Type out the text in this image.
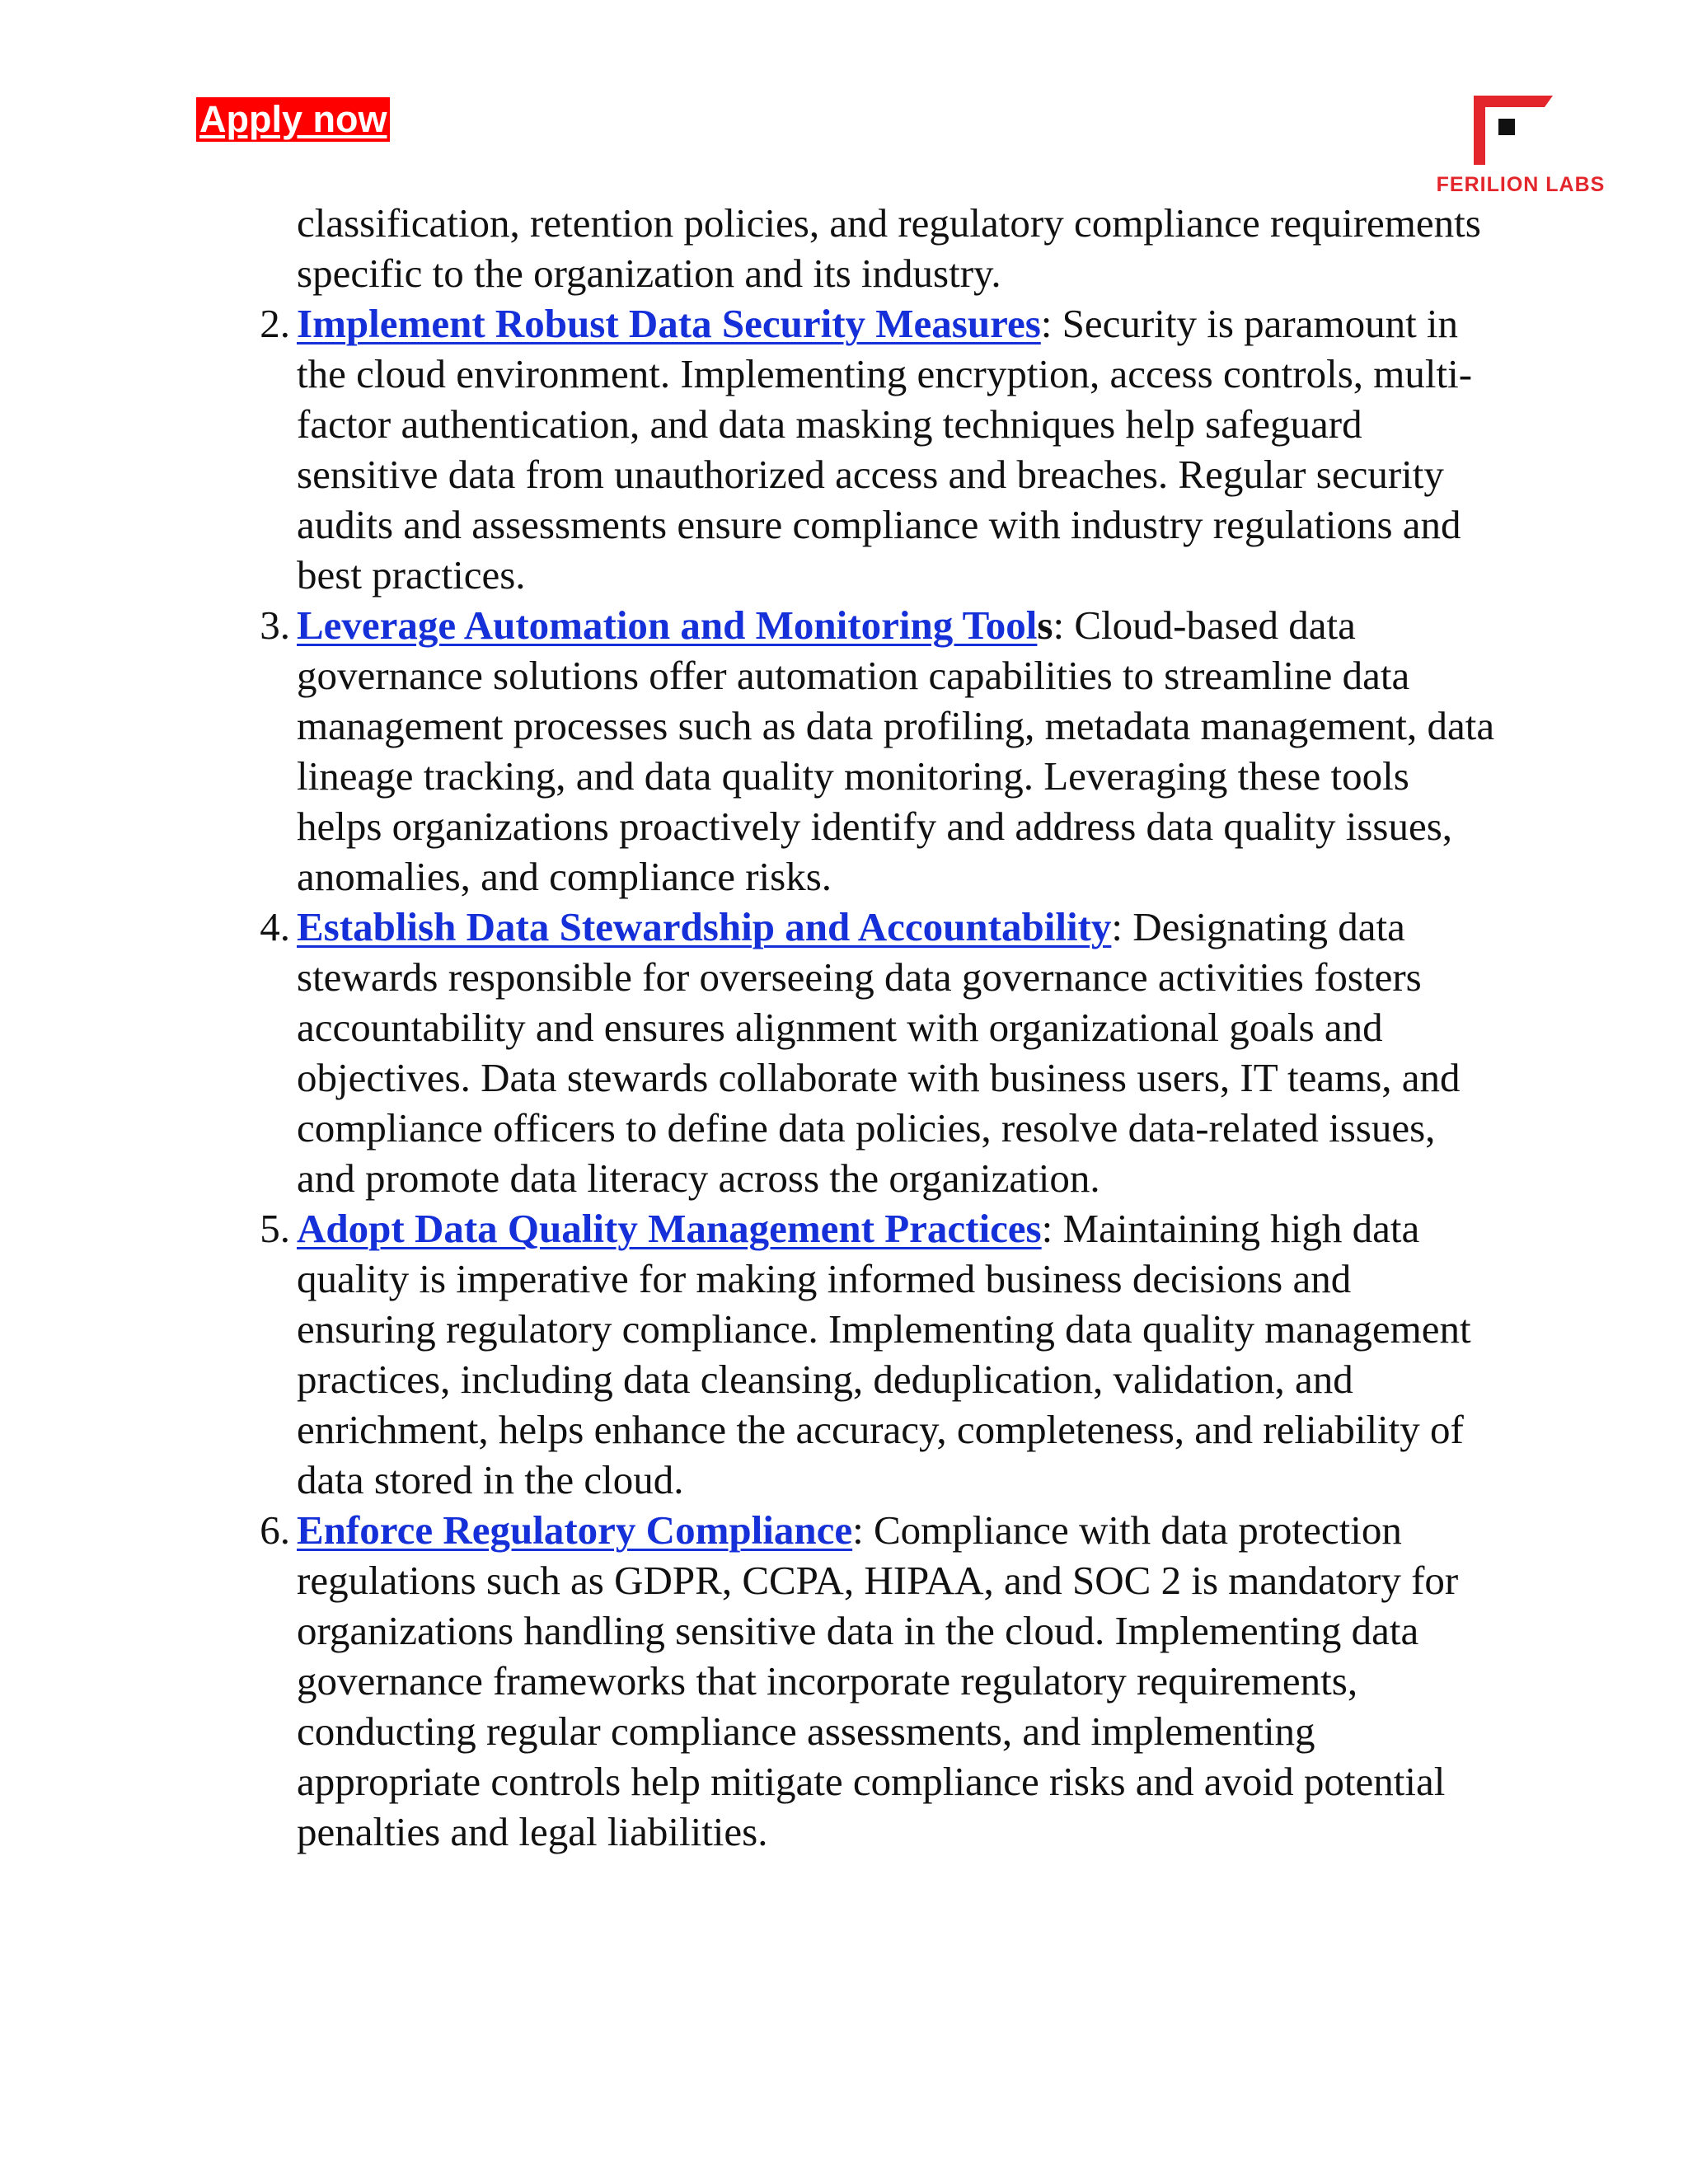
Apply now
FERILION LABS
classification, retention policies, and regulatory compliance requirements specific to the organization and its industry.
2. Implement Robust Data Security Measures: Security is paramount in the cloud environment. Implementing encryption, access controls, multi-factor authentication, and data masking techniques help safeguard sensitive data from unauthorized access and breaches. Regular security audits and assessments ensure compliance with industry regulations and best practices.
3. Leverage Automation and Monitoring Tools: Cloud-based data governance solutions offer automation capabilities to streamline data management processes such as data profiling, metadata management, data lineage tracking, and data quality monitoring. Leveraging these tools helps organizations proactively identify and address data quality issues, anomalies, and compliance risks.
4. Establish Data Stewardship and Accountability: Designating data stewards responsible for overseeing data governance activities fosters accountability and ensures alignment with organizational goals and objectives. Data stewards collaborate with business users, IT teams, and compliance officers to define data policies, resolve data-related issues, and promote data literacy across the organization.
5. Adopt Data Quality Management Practices: Maintaining high data quality is imperative for making informed business decisions and ensuring regulatory compliance. Implementing data quality management practices, including data cleansing, deduplication, validation, and enrichment, helps enhance the accuracy, completeness, and reliability of data stored in the cloud.
6. Enforce Regulatory Compliance: Compliance with data protection regulations such as GDPR, CCPA, HIPAA, and SOC 2 is mandatory for organizations handling sensitive data in the cloud. Implementing data governance frameworks that incorporate regulatory requirements, conducting regular compliance assessments, and implementing appropriate controls help mitigate compliance risks and avoid potential penalties and legal liabilities.
